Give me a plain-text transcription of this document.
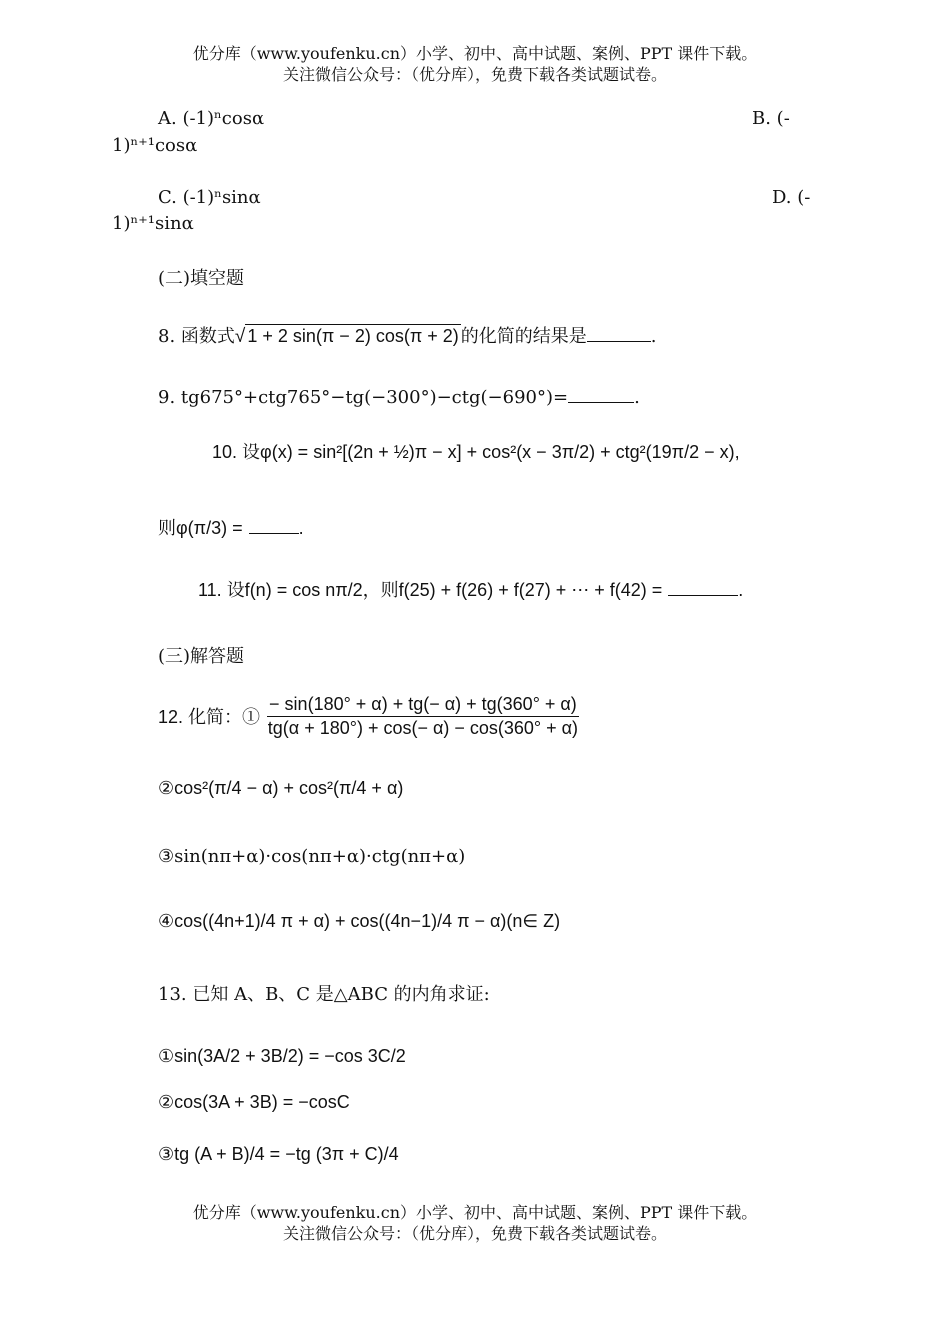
优分库（www.youfenku.cn）小学、初中、高中试题、案例、PPT 课件下载。
关注微信公众号：（优分库），免费下载各类试题试卷。
A. (-1)ⁿcosα	B. (-
1)ⁿ⁺¹cosα
C. (-1)ⁿsinα	D. (-
1)ⁿ⁺¹sinα
(二)填空题
8. 函数式√ 1 + 2 sin(π − 2) cos(π + 2) 的化简的结果是	.
9. tg675°+ctg765°−tg(−300°)−ctg(−690°)=	.
10. 设φ(x) = sin²[(2n + ½)π − x] + cos²(x − 3π/2) + ctg²(19π/2 − x),
则φ(π/3) =	.
11. 设f(n) = cos nπ/2，则f(25) + f(26) + f(27) + ⋯ + f(42) =	.
(三)解答题
12. 化简：① $\frac{- \sin(180^\circ + \alpha) + tg(- \alpha) + tg(360^\circ + \alpha)}{tg(\alpha + 180^\circ) + \cos(- \alpha) - \cos(360^\circ + \alpha)}$
②cos²(π/4 − α) + cos²(π/4 + α)
③sin(nπ+α)·cos(nπ+α)·ctg(nπ+α)
④cos((4n+1)/4 π + α) + cos((4n−1)/4 π − α)(n∈ Z)
13. 已知 A、B、C 是△ABC 的内角求证:
①sin(3A/2 + 3B/2) = −cos 3C/2
②cos(3A + 3B) = −cosC
③tg (A + B)/4 = −tg (3π + C)/4
优分库（www.youfenku.cn）小学、初中、高中试题、案例、PPT 课件下载。
关注微信公众号：（优分库），免费下载各类试题试卷。
